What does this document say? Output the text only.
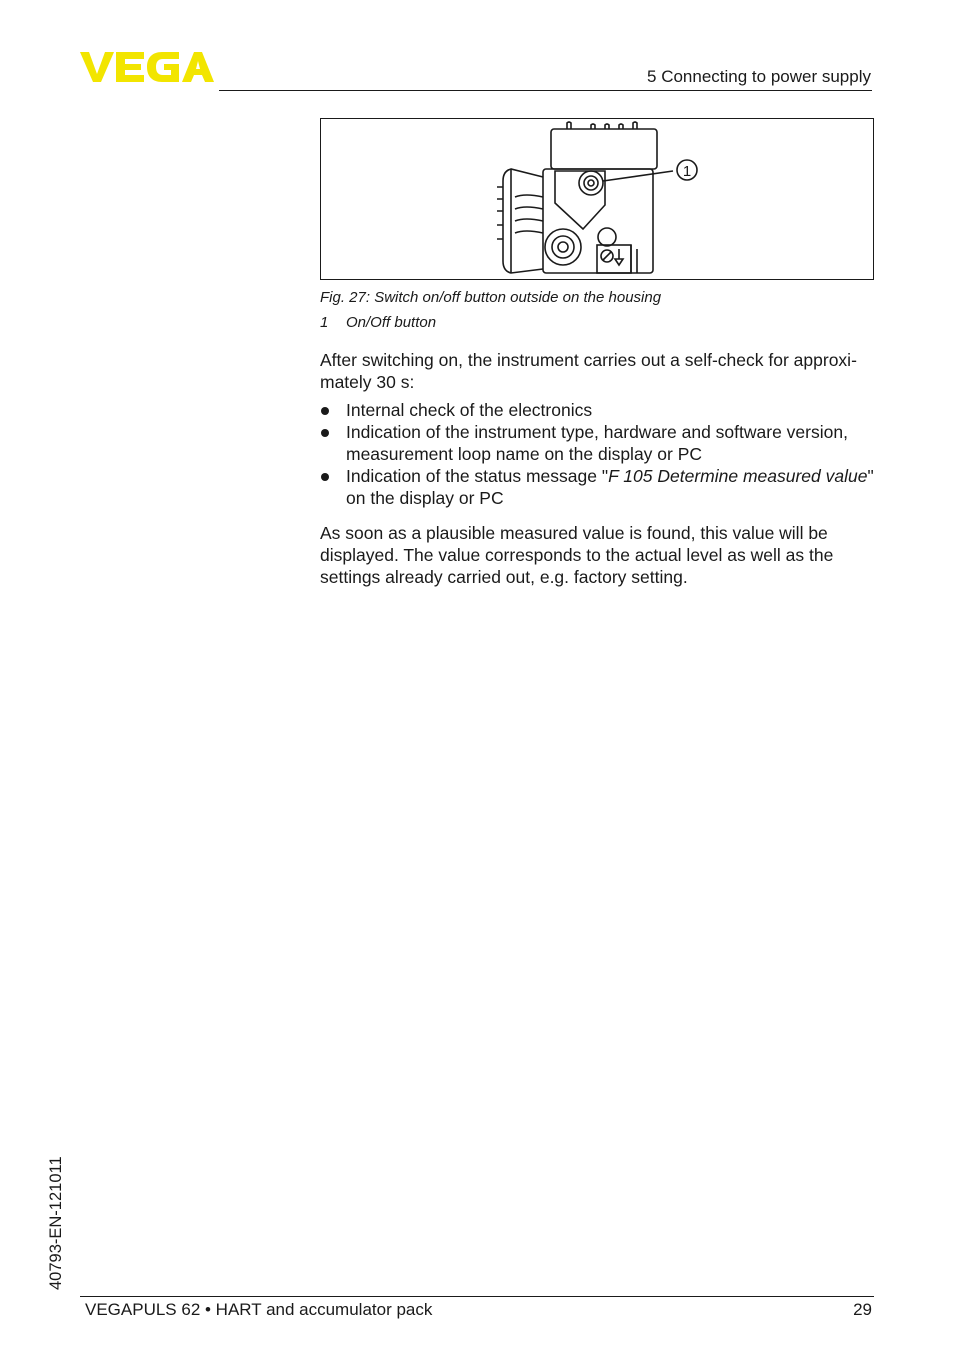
5 Connecting to power supply
1
Fig. 27: Switch on/off button outside on the housing
1 On/Off button
After switching on, the instrument carries out a self-check for approxi-mately 30 s:
Internal check of the electronics
Indication of the instrument type, hardware and software version, measurement loop name on the display or PC
Indication of the status message "F 105 Determine measured value" on the display or PC
As soon as a plausible measured value is found, this value will be displayed. The value corresponds to the actual level as well as the settings already carried out, e.g. factory setting.
40793-EN-121011
VEGAPULS 62 • HART and accumulator pack	29
